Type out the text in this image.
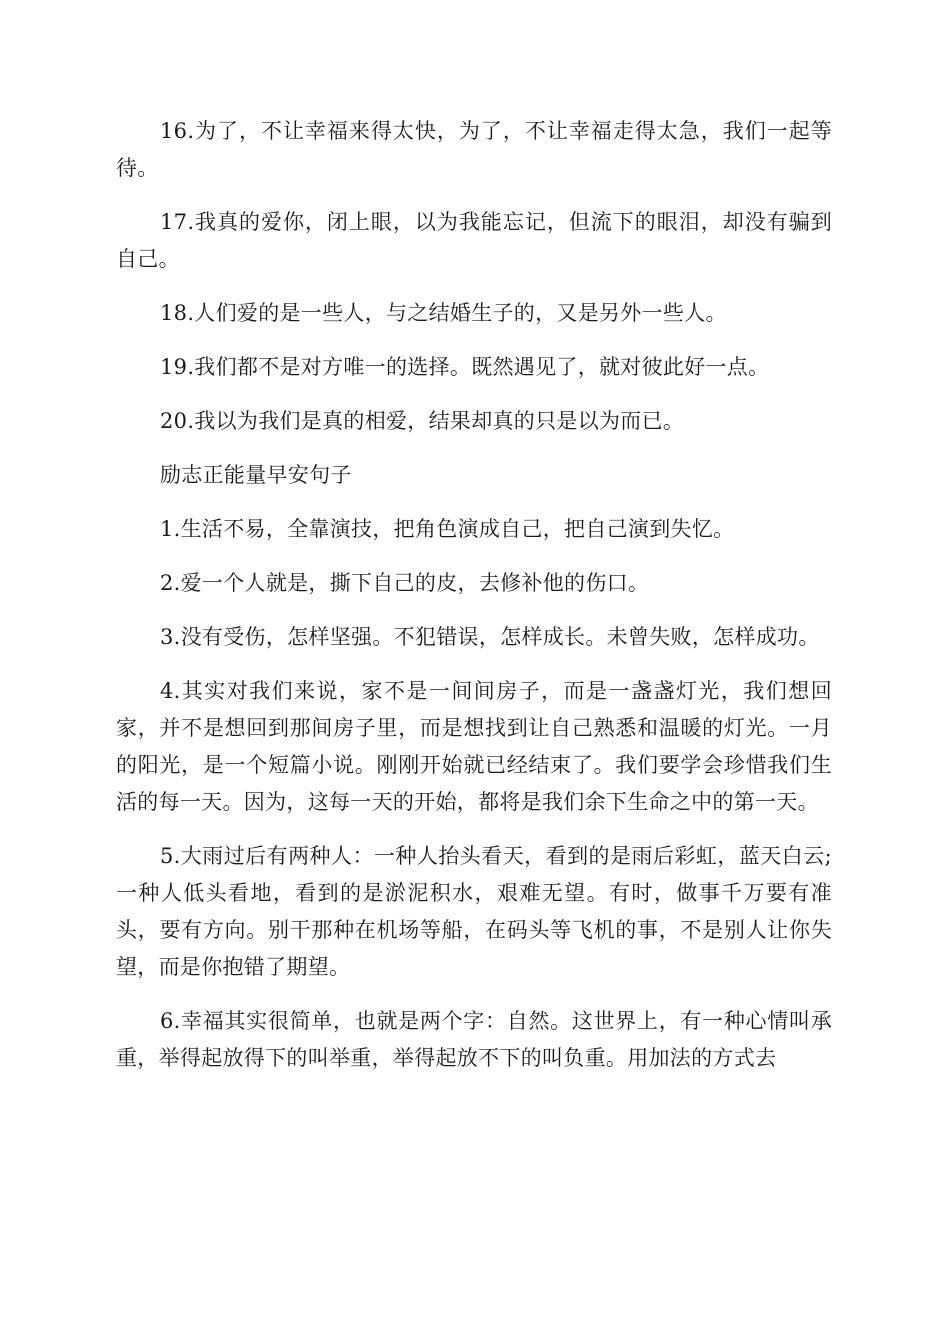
16.为了，不让幸福来得太快，为了，不让幸福走得太急，我们一起等待。

17.我真的爱你，闭上眼，以为我能忘记，但流下的眼泪，却没有骗到自己。

18.人们爱的是一些人，与之结婚生子的，又是另外一些人。

19.我们都不是对方唯一的选择。既然遇见了，就对彼此好一点。

20.我以为我们是真的相爱，结果却真的只是以为而已。

励志正能量早安句子

1.生活不易，全靠演技，把角色演成自己，把自己演到失忆。

2.爱一个人就是，撕下自己的皮，去修补他的伤口。

3.没有受伤，怎样坚强。不犯错误，怎样成长。未曾失败，怎样成功。

4.其实对我们来说，家不是一间间房子，而是一盏盏灯光，我们想回家，并不是想回到那间房子里，而是想找到让自己熟悉和温暖的灯光。一月的阳光，是一个短篇小说。刚刚开始就已经结束了。我们要学会珍惜我们生活的每一天。因为，这每一天的开始，都将是我们余下生命之中的第一天。

5.大雨过后有两种人：一种人抬头看天，看到的是雨后彩虹，蓝天白云;一种人低头看地，看到的是淤泥积水，艰难无望。有时，做事千万要有准头，要有方向。别干那种在机场等船，在码头等飞机的事，不是别人让你失望，而是你抱错了期望。

6.幸福其实很简单，也就是两个字：自然。这世界上，有一种心情叫承重，举得起放得下的叫举重，举得起放不下的叫负重。用加法的方式去
